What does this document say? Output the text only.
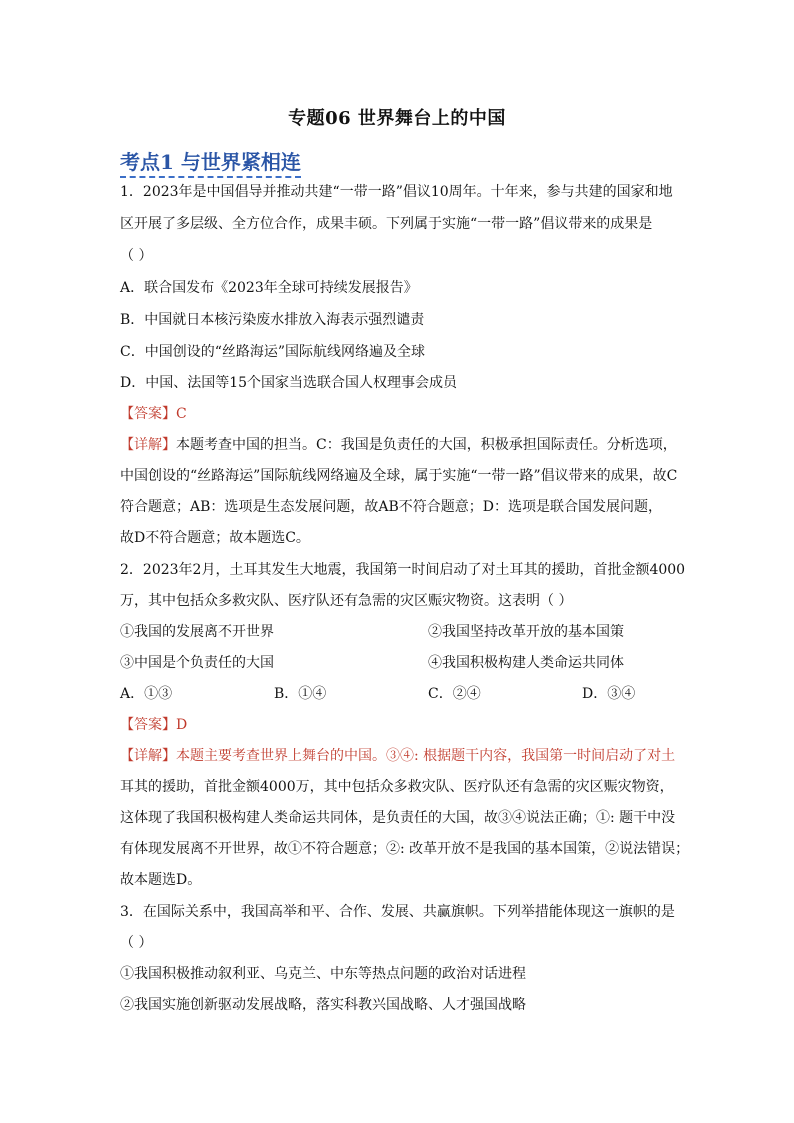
专题06 世界舞台上的中国
考点1 与世界紧相连
1．2023年是中国倡导并推动共建“一带一路”倡议10周年。十年来，参与共建的国家和地
区开展了多层级、全方位合作，成果丰硕。下列属于实施“一带一路”倡议带来的成果是
（ ）
A．联合国发布《2023年全球可持续发展报告》
B．中国就日本核污染废水排放入海表示强烈谴责
C．中国创设的“丝路海运”国际航线网络遍及全球
D．中国、法国等15个国家当选联合国人权理事会成员
【答案】C
【详解】本题考查中国的担当。C：我国是负责任的大国，积极承担国际责任。分析选项，
中国创设的“丝路海运”国际航线网络遍及全球，属于实施“一带一路”倡议带来的成果，故C
符合题意；AB：选项是生态发展问题，故AB不符合题意；D：选项是联合国发展问题，
故D不符合题意；故本题选C。
2．2023年2月，土耳其发生大地震，我国第一时间启动了对土耳其的援助，首批金额4000
万，其中包括众多救灾队、医疗队还有急需的灾区赈灾物资。这表明（ ）
①我国的发展离不开世界	②我国坚持改革开放的基本国策
③中国是个负责任的大国	④我国积极构建人类命运共同体
A．①③	B．①④	C．②④	D．③④
【答案】D
【详解】本题主要考查世界上舞台的中国。③④: 根据题干内容，我国第一时间启动了对土
耳其的援助，首批金额4000万，其中包括众多救灾队、医疗队还有急需的灾区赈灾物资，
这体现了我国积极构建人类命运共同体，是负责任的大国，故③④说法正确；①: 题干中没
有体现发展离不开世界，故①不符合题意；②: 改革开放不是我国的基本国策，②说法错误；
故本题选D。
3．在国际关系中，我国高举和平、合作、发展、共赢旗帜。下列举措能体现这一旗帜的是
（ ）
①我国积极推动叙利亚、乌克兰、中东等热点问题的政治对话进程
②我国实施创新驱动发展战略，落实科教兴国战略、人才强国战略
